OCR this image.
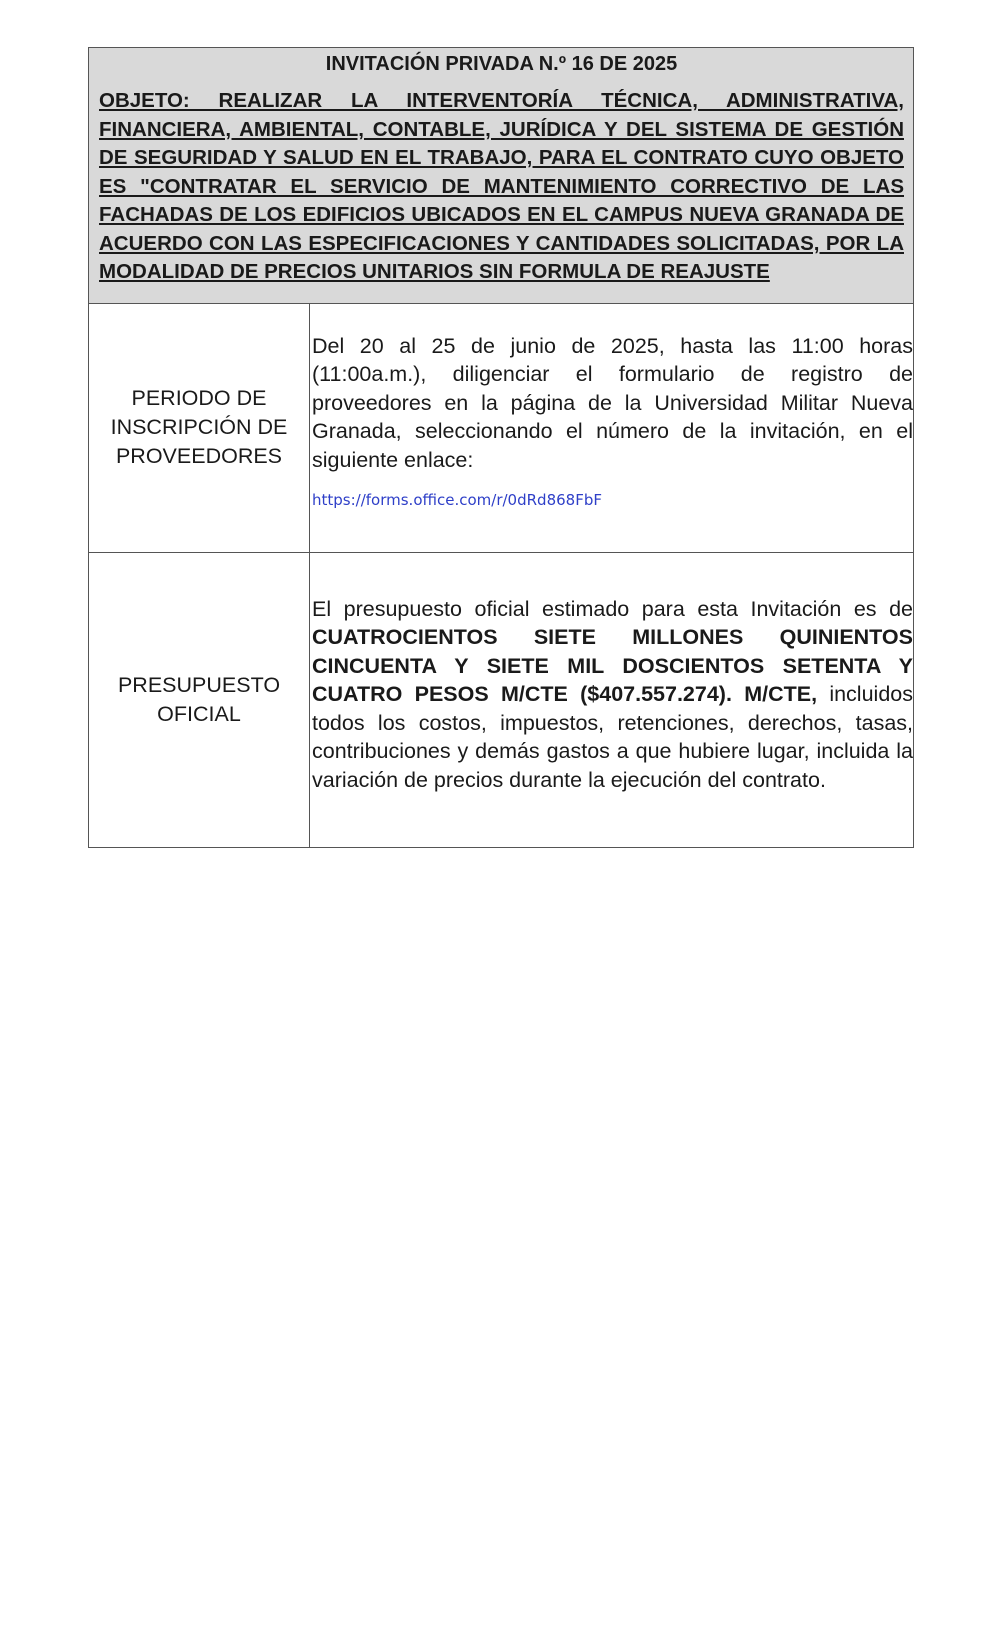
INVITACIÓN PRIVADA N.º 16 DE 2025

OBJETO: REALIZAR LA INTERVENTORÍA TÉCNICA, ADMINISTRATIVA, FINANCIERA, AMBIENTAL, CONTABLE, JURÍDICA Y DEL SISTEMA DE GESTIÓN DE SEGURIDAD Y SALUD EN EL TRABAJO, PARA EL CONTRATO CUYO OBJETO ES "CONTRATAR EL SERVICIO DE MANTENIMIENTO CORRECTIVO DE LAS FACHADAS DE LOS EDIFICIOS UBICADOS EN EL CAMPUS NUEVA GRANADA DE ACUERDO CON LAS ESPECIFICACIONES Y CANTIDADES SOLICITADAS, POR LA MODALIDAD DE PRECIOS UNITARIOS SIN FORMULA DE REAJUSTE

PERIODO DE
INSCRIPCIÓN DE
PROVEEDORES

Del 20 al 25 de junio de 2025, hasta las 11:00 horas (11:00a.m.), diligenciar el formulario de registro de proveedores en la página de la Universidad Militar Nueva Granada, seleccionando el número de la invitación, en el siguiente enlace:

https://forms.office.com/r/0dRd868FbF
PRESUPUESTO
OFICIAL

El presupuesto oficial estimado para esta Invitación es de CUATROCIENTOS SIETE MILLONES QUINIENTOS CINCUENTA Y SIETE MIL DOSCIENTOS SETENTA Y CUATRO PESOS M/CTE ($407.557.274). M/CTE, incluidos todos los costos, impuestos, retenciones, derechos, tasas, contribuciones y demás gastos a que hubiere lugar, incluida la variación de precios durante la ejecución del contrato.
